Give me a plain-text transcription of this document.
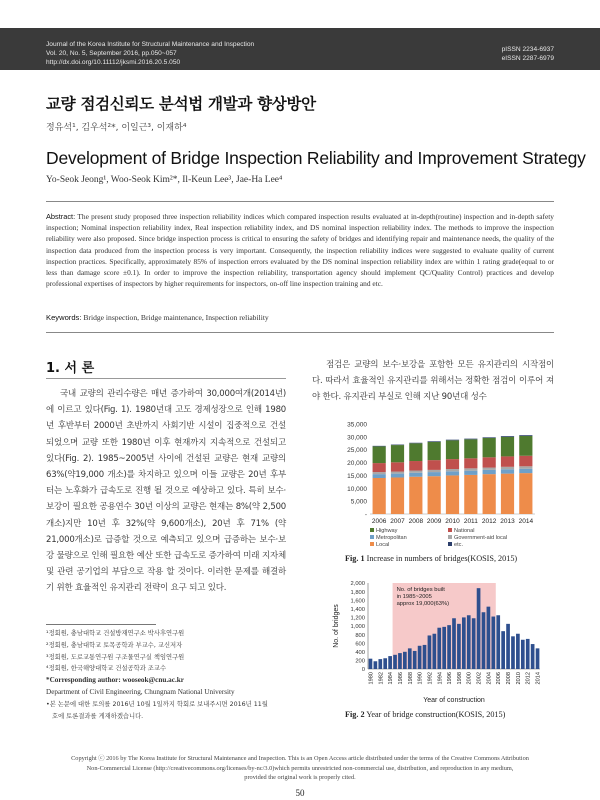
Journal of the Korea Institute for Structural Maintenance and Inspection
Vol. 20, No. 5, September 2016, pp.050~057
http://dx.doi.org/10.11112/jksmi.2016.20.5.050
pISSN 2234-6937
eISSN 2287-6979
교량 점검신뢰도 분석법 개발과 향상방안
정유석¹, 김우석²*, 이일근³, 이재하⁴
Development of Bridge Inspection Reliability and Improvement Strategy
Yo-Seok Jeong¹, Woo-Seok Kim²*, Il-Keun Lee³, Jae-Ha Lee⁴
Abstract: The present study proposed three inspection reliability indices which compared inspection results evaluated at in-depth(routine) inspection and in-depth safety inspection; Nominal inspection reliability index, Real inspection reliability index, and DS nominal inspection reliability index. The methods to improve the inspection reliability were also proposed. Since bridge inspection process is critical to ensuring the safety of bridges and identifying repair and maintenance needs, the quality of the inspection data produced from the inspection process is very important. Consequently, the inspection reliability indices were suggested to evaluate quality of current inspection practices. Specifically, approximately 85% of inspection errors evaluated by the DS nominal inspection reliability index are within 1 rating grade(equal to or less than damage score ±0.1). In order to improve the inspection reliability, transportation agency should implement QC/Quality Control) practices and develop professional expertises of inspectors by higher requirements for inspectors, on-off line inspection training and etc.
Keywords: Bridge inspection, Bridge maintenance, Inspection reliability
1. 서 론
국내 교량의 관리수량은 매년 증가하여 30,000여개(2014년)에 이르고 있다(Fig. 1). 1980년대 고도 경제성장으로 인해 1980년 후반부터 2000년 초반까지 사회기반 시설이 집중적으로 건설 되었으며 교량 또한 1980년 이후 현재까지 지속적으로 건설되고 있다(Fig. 2). 1985~2005년 사이에 건설된 교량은 현재 교량의 63%(약19,000 개소)를 차지하고 있으며 이들 교량은 20년 후부터는 노후화가 급속도로 진행 될 것으로 예상하고 있다. 특히 보수·보강이 필요한 공용연수 30년 이상의 교량은 현재는 8%(약 2,500개소)지만 10년 후 32%(약 9,600개소), 20년 후 71% (약 21,000개소)로 급증할 것으로 예측되고 있으며 급증하는 보수·보강 물량으로 인해 필요한 예산 또한 급속도로 증가하여 미래 지자체 및 관련 공기업의 부담으로 작용 할 것이다. 이러한 문제를 해결하기 위한 효율적인 유지관리 전략이 요구 되고 있다.
점검은 교량의 보수·보강을 포함한 모든 유지관리의 시작점이다. 따라서 효율적인 유지관리를 위해서는 정확한 점검이 이루어 져야 한다. 유지관리 부실로 인해 지난 90년대 성수
-
5,000
10,000
15,000
20,000
25,000
30,000
35,000
2006 2007 2008 2009 2010 2011 2012 2013 2014
Highway	National
Metropolitan	Government-aid local
Local	etc.
Fig. 1 Increase in numbers of bridges(KOSIS, 2015)
0
200
400
600
800
1,000
1,200
1,400
1,600
1,800
2,000
1980 1982 1984 1986 1988 1990 1992 1994 1996 1998 2000 2002 2004 2006 2008 2010 2012 2014
No. of bridges built
in 1985~2005
approx 19,000(63%)
Year of construction
No. of bridges
Fig. 2 Year of bridge construction(KOSIS, 2015)
¹정회원, 충남대학교 건설방재연구소 박사후연구원
²정회원, 충남대학교 토목공학과 부교수, 교신저자
³정회원, 도로교통연구원 구조물연구실 책임연구원
⁴정회원, 한국해양대학교 건설공학과 조교수
*Corresponding author: wooseok@cnu.ac.kr
Department of Civil Engineering, Chungnam National University
•본 논문에 대한 토의를 2016년 10월 1일까지 학회로 보내주시면 2016년 11월
호에 토론결과를 게재하겠습니다.
Copyright ⓒ 2016 by The Korea Institute for Structural Maintenance and Inspection. This is an Open Access article distributed under the terms of the Creative Commons Attribution
Non-Commercial License (http://creativecommons.org/licenses/by-nc/3.0)which permits unrestricted non-commercial use, distribution, and reproduction in any medium,
provided the original work is properly cited.
50
